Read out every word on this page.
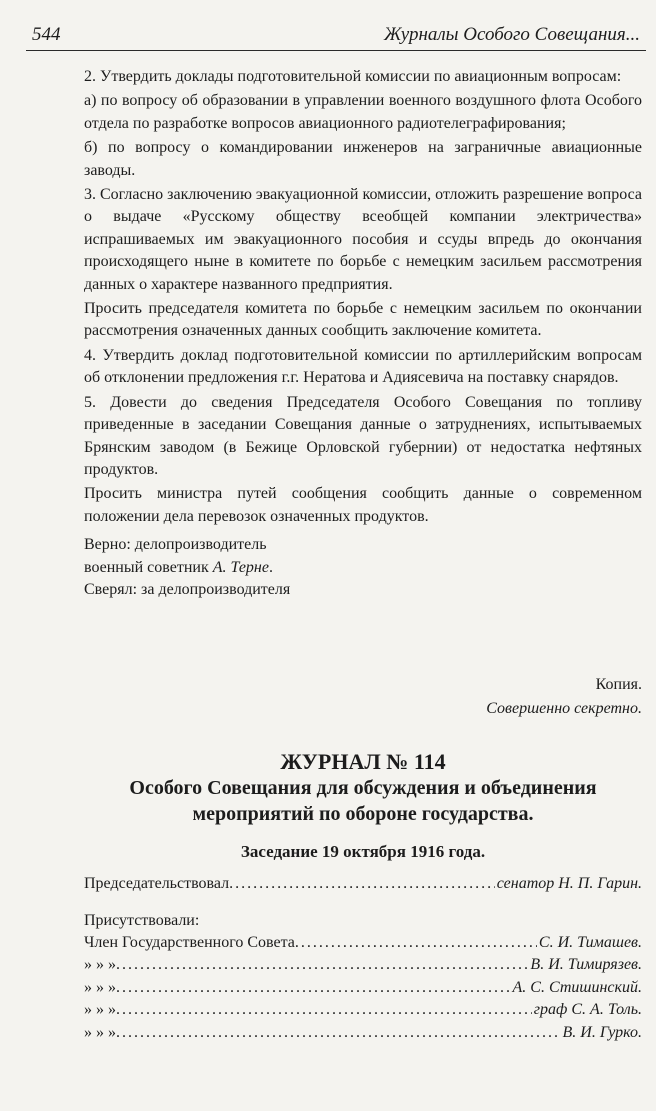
544	Журналы Особого Совещания...

2. Утвердить доклады подготовительной комиссии по авиационным вопросам:

а) по вопросу об образовании в управлении военного воздушного флота Особого отдела по разработке вопросов авиационного радиотелеграфирования;

б) по вопросу о командировании инженеров на заграничные авиационные заводы.

3. Согласно заключению эвакуационной комиссии, отложить разрешение вопроса о выдаче «Русскому обществу всеобщей компании электричества» испрашиваемых им эвакуационного пособия и ссуды впредь до окончания происходящего ныне в комитете по борьбе с немецким засильем рассмотрения данных о характере названного предприятия.

Просить председателя комитета по борьбе с немецким засильем по окончании рассмотрения означенных данных сообщить заключение комитета.

4. Утвердить доклад подготовительной комиссии по артиллерийским вопросам об отклонении предложения г.г. Нератова и Адиясевича на поставку снарядов.

5. Довести до сведения Председателя Особого Совещания по топливу приведенные в заседании Совещания данные о затруднениях, испытываемых Брянским заводом (в Бежице Орловской губернии) от недостатка нефтяных продуктов.

Просить министра путей сообщения сообщить данные о современном положении дела перевозок означенных продуктов.

Верно: делопроизводитель

военный советник А. Терне.

Сверял: за делопроизводителя

Копия.

Совершенно секретно.

ЖУРНАЛ № 114

Особого Совещания для обсуждения и объединения

мероприятий по обороне государства.

Заседание 19 октября 1916 года.

Председательствовал .....	сенатор Н. П. Гарин.

Присутствовали:

Член Государственного Совета .....	С. И. Тимашев.

» » » .....	В. И. Тимирязев.

» » » .....	А. С. Стишинский.

» » » .....	граф С. А. Толь.

» » » .....	В. И. Гурко.
